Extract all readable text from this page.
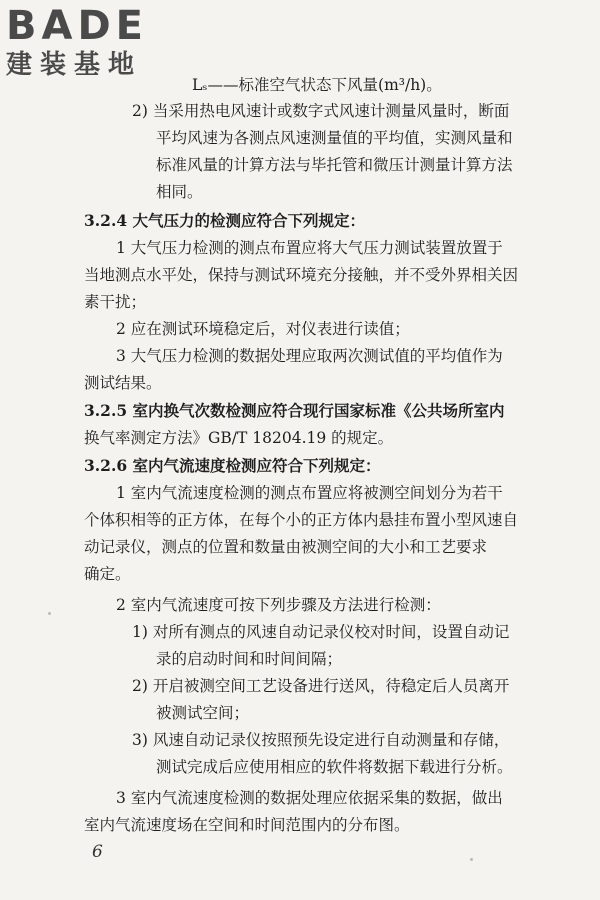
BADE
建装基地
Lₛ——标准空气状态下风量(m³/h)。
2) 当采用热电风速计或数字式风速计测量风量时，断面
平均风速为各测点风速测量值的平均值，实测风量和
标准风量的计算方法与毕托管和微压计测量计算方法
相同。
3.2.4 大气压力的检测应符合下列规定：
1 大气压力检测的测点布置应将大气压力测试装置放置于
当地测点水平处，保持与测试环境充分接触，并不受外界相关因
素干扰；
2 应在测试环境稳定后，对仪表进行读值；
3 大气压力检测的数据处理应取两次测试值的平均值作为
测试结果。
3.2.5 室内换气次数检测应符合现行国家标准《公共场所室内
换气率测定方法》GB/T 18204.19 的规定。
3.2.6 室内气流速度检测应符合下列规定：
1 室内气流速度检测的测点布置应将被测空间划分为若干
个体积相等的正方体，在每个小的正方体内悬挂布置小型风速自
动记录仪，测点的位置和数量由被测空间的大小和工艺要求
确定。
2 室内气流速度可按下列步骤及方法进行检测：
1) 对所有测点的风速自动记录仪校对时间，设置自动记
录的启动时间和时间间隔；
2) 开启被测空间工艺设备进行送风，待稳定后人员离开
被测试空间；
3) 风速自动记录仪按照预先设定进行自动测量和存储，
测试完成后应使用相应的软件将数据下载进行分析。
3 室内气流速度检测的数据处理应依据采集的数据，做出
室内气流速度场在空间和时间范围内的分布图。
6
